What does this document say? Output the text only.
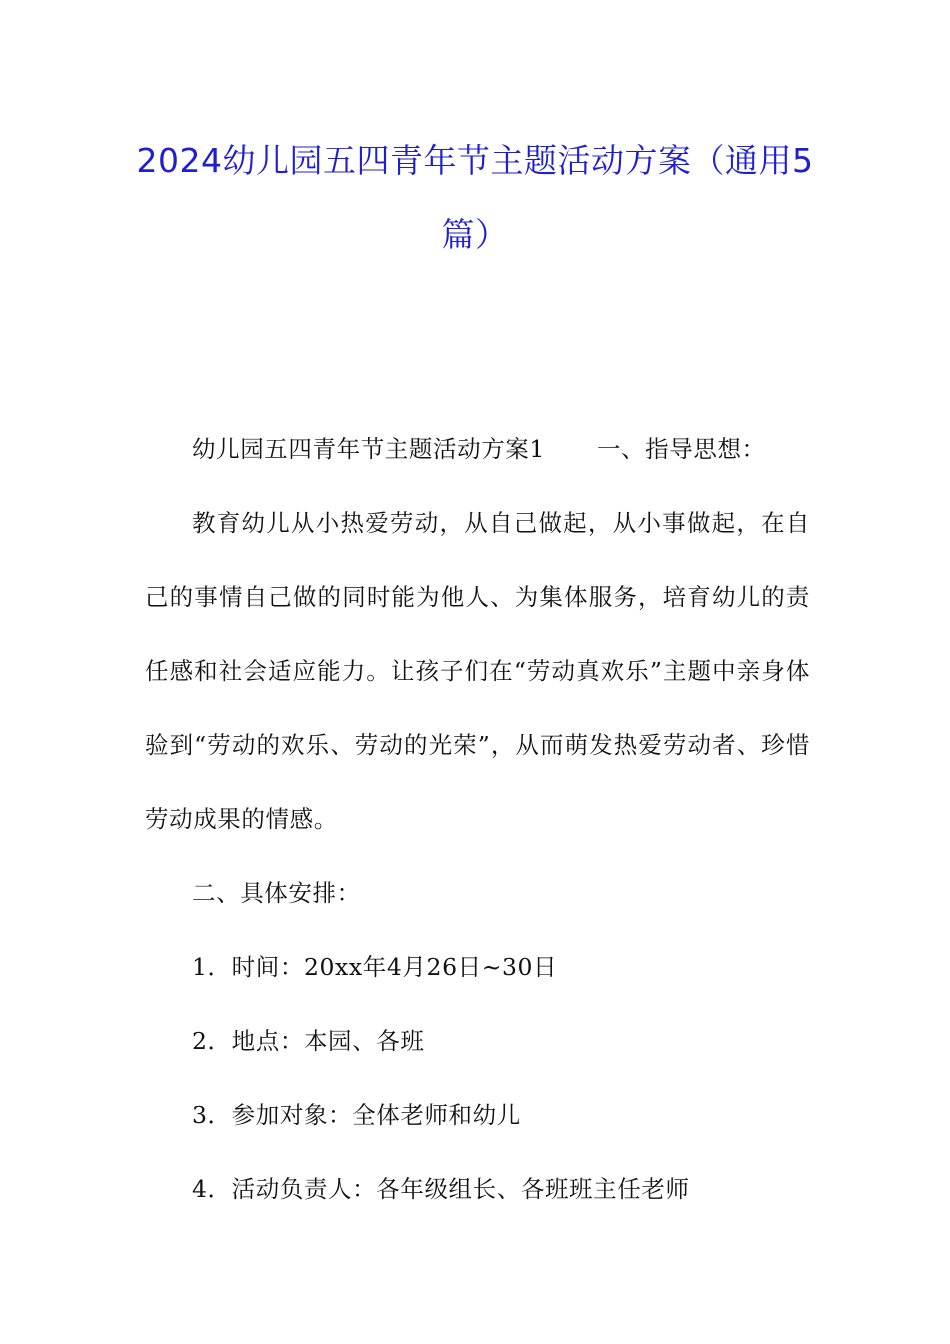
2024幼儿园五四青年节主题活动方案（通用5篇）

幼儿园五四青年节主题活动方案1 一、指导思想：

教育幼儿从小热爱劳动，从自己做起，从小事做起，在自己的事情自己做的同时能为他人、为集体服务，培育幼儿的责任感和社会适应能力。让孩子们在“劳动真欢乐”主题中亲身体验到“劳动的欢乐、劳动的光荣”，从而萌发热爱劳动者、珍惜劳动成果的情感。

二、具体安排：

1．时间：20xx年4月26日~30日

2．地点：本园、各班

3．参加对象：全体老师和幼儿

4．活动负责人：各年级组长、各班班主任老师
